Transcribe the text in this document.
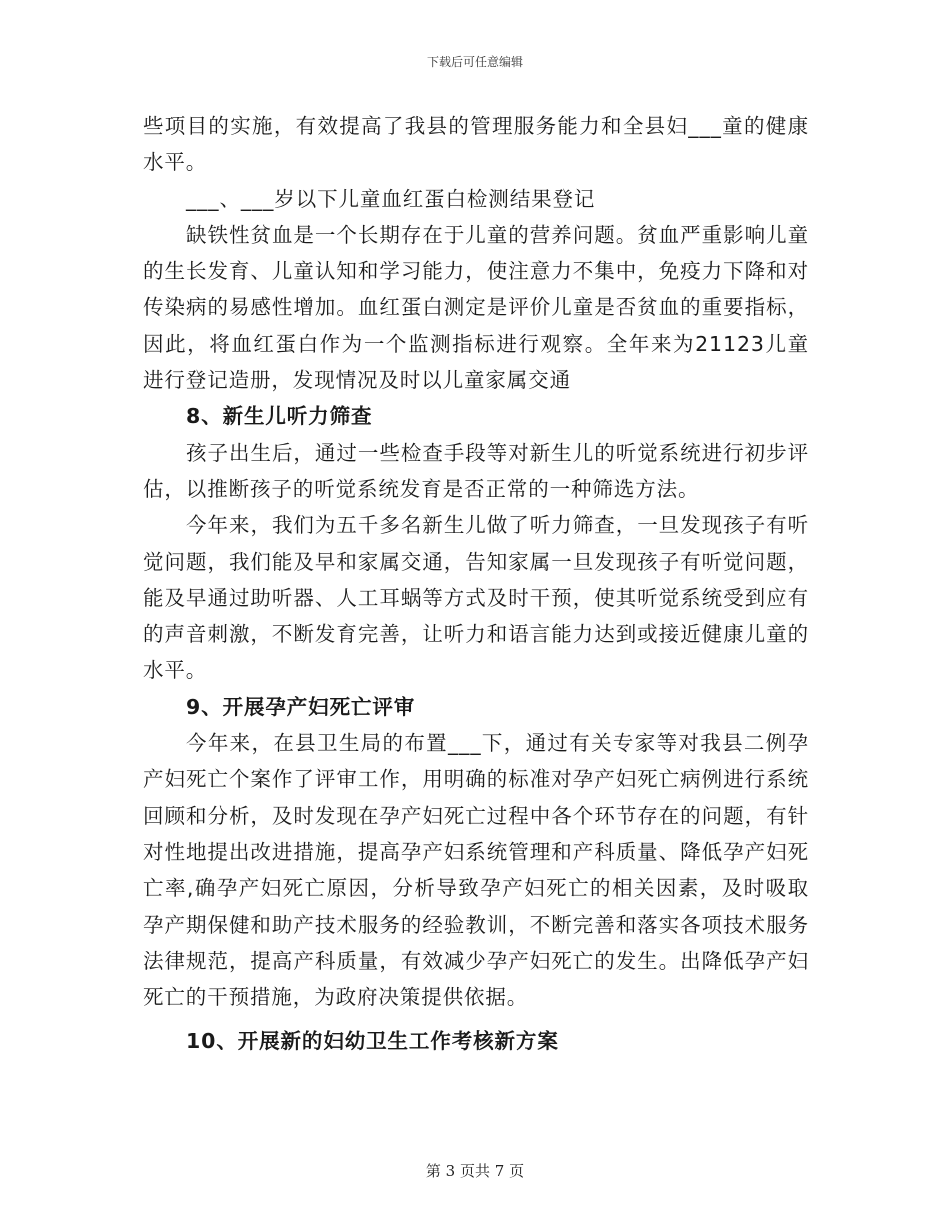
下载后可任意编辑

些项目的实施，有效提高了我县的管理服务能力和全县妇___童的健康水平。

___、___岁以下儿童血红蛋白检测结果登记

缺铁性贫血是一个长期存在于儿童的营养问题。贫血严重影响儿童的生长发育、儿童认知和学习能力，使注意力不集中，免疫力下降和对传染病的易感性增加。血红蛋白测定是评价儿童是否贫血的重要指标，因此，将血红蛋白作为一个监测指标进行观察。全年来为21123儿童进行登记造册，发现情况及时以儿童家属交通

8、新生儿听力筛查

孩子出生后，通过一些检查手段等对新生儿的听觉系统进行初步评估，以推断孩子的听觉系统发育是否正常的一种筛选方法。

今年来，我们为五千多名新生儿做了听力筛查，一旦发现孩子有听觉问题，我们能及早和家属交通，告知家属一旦发现孩子有听觉问题，能及早通过助听器、人工耳蜗等方式及时干预，使其听觉系统受到应有的声音刺激，不断发育完善，让听力和语言能力达到或接近健康儿童的水平。

9、开展孕产妇死亡评审

今年来，在县卫生局的布置___下，通过有关专家等对我县二例孕产妇死亡个案作了评审工作，用明确的标准对孕产妇死亡病例进行系统回顾和分析，及时发现在孕产妇死亡过程中各个环节存在的问题，有针对性地提出改进措施，提高孕产妇系统管理和产科质量、降低孕产妇死亡率,确孕产妇死亡原因，分析导致孕产妇死亡的相关因素，及时吸取孕产期保健和助产技术服务的经验教训，不断完善和落实各项技术服务法律规范，提高产科质量，有效减少孕产妇死亡的发生。出降低孕产妇死亡的干预措施，为政府决策提供依据。

10、开展新的妇幼卫生工作考核新方案

第 3 页共 7 页
